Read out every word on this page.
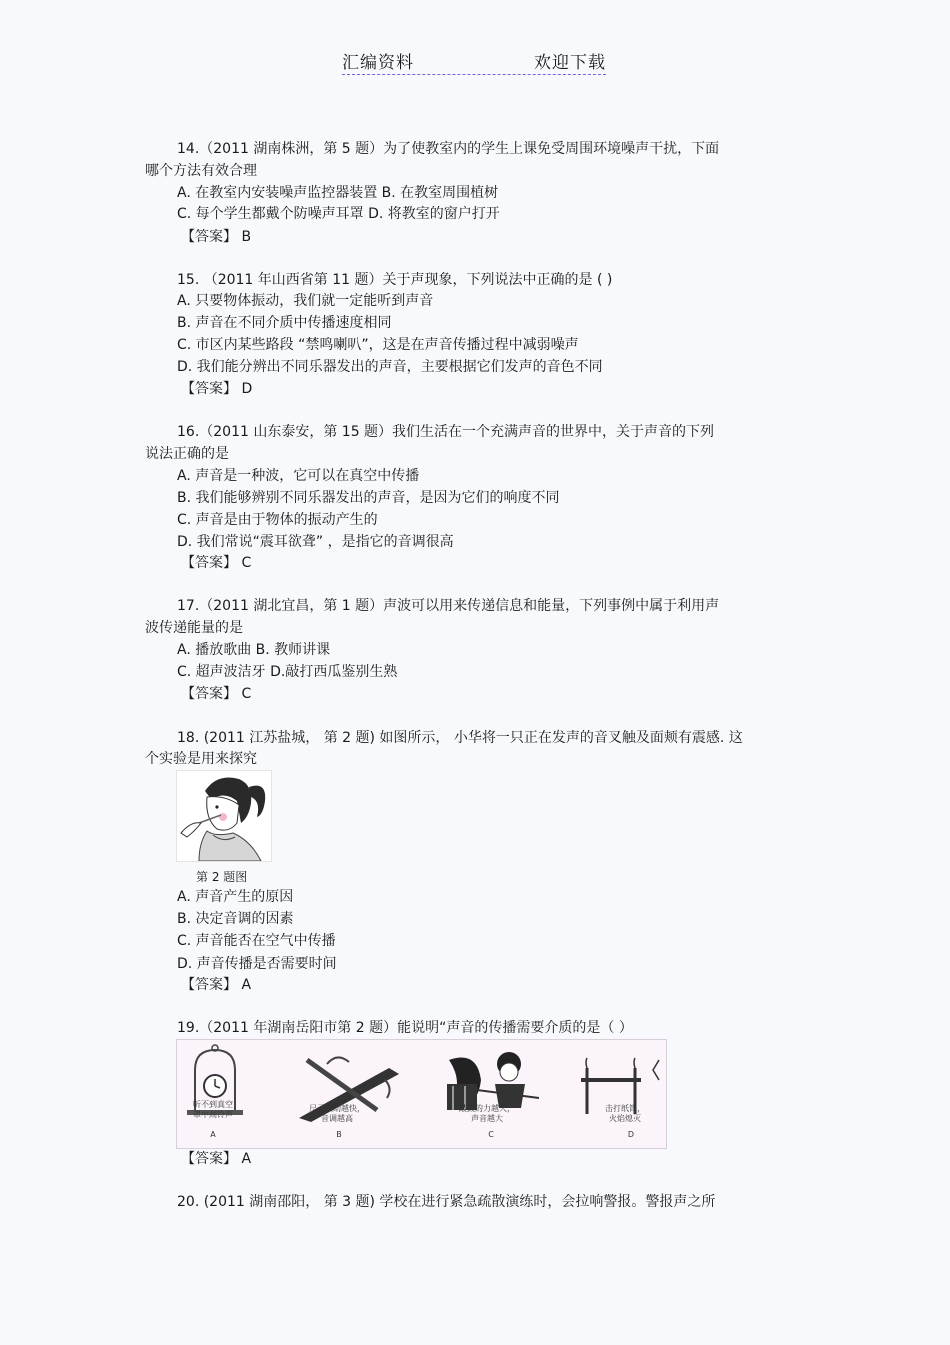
汇编资料	欢迎下载
14.（2011 湖南株洲，第 5 题）为了使教室内的学生上课免受周围环境噪声干扰，下面
哪个方法有效合理
A. 在教室内安装噪声监控器装置 B. 在教室周围植树
C. 每个学生都戴个防噪声耳罩 D. 将教室的窗户打开
【答案】 B
15. （2011 年山西省第 11 题）关于声现象，下列说法中正确的是 ( )
A. 只要物体振动，我们就一定能听到声音
B. 声音在不同介质中传播速度相同
C. 市区内某些路段 “禁鸣喇叭”，这是在声音传播过程中减弱噪声
D. 我们能分辨出不同乐器发出的声音，主要根据它们发声的音色不同
【答案】 D
16.（2011 山东泰安，第 15 题）我们生活在一个充满声音的世界中，关于声音的下列
说法正确的是
A. 声音是一种波，它可以在真空中传播
B. 我们能够辨别不同乐器发出的声音，是因为它们的响度不同
C. 声音是由于物体的振动产生的
D. 我们常说“震耳欲聋” ，是指它的音调很高
【答案】 C
17.（2011 湖北宜昌，第 1 题）声波可以用来传递信息和能量，下列事例中属于利用声
波传递能量的是
A. 播放歌曲 B. 教师讲课
C. 超声波洁牙 D.敲打西瓜鉴别生熟
【答案】 C
18. (2011 江苏盐城， 第 2 题) 如图所示， 小华将一只正在发声的音叉触及面颊有震感. 这
个实验是用来探究
第 2 题图
A. 声音产生的原因
B. 决定音调的因素
C. 声音能否在空气中传播
D. 声音传播是否需要时间
【答案】 A
19.（2011 年湖南岳阳市第 2 题）能说明“声音的传播需要介质的是（ ）
听不到真空
罩中闹铃声
尺子振动越快，
音调越高
敲鼓的力越大，
声音越大
击打纸筒，
火焰熄灭
A	B	C	D
【答案】 A
20. (2011 湖南邵阳， 第 3 题) 学校在进行紧急疏散演练时，会拉响警报。警报声之所
